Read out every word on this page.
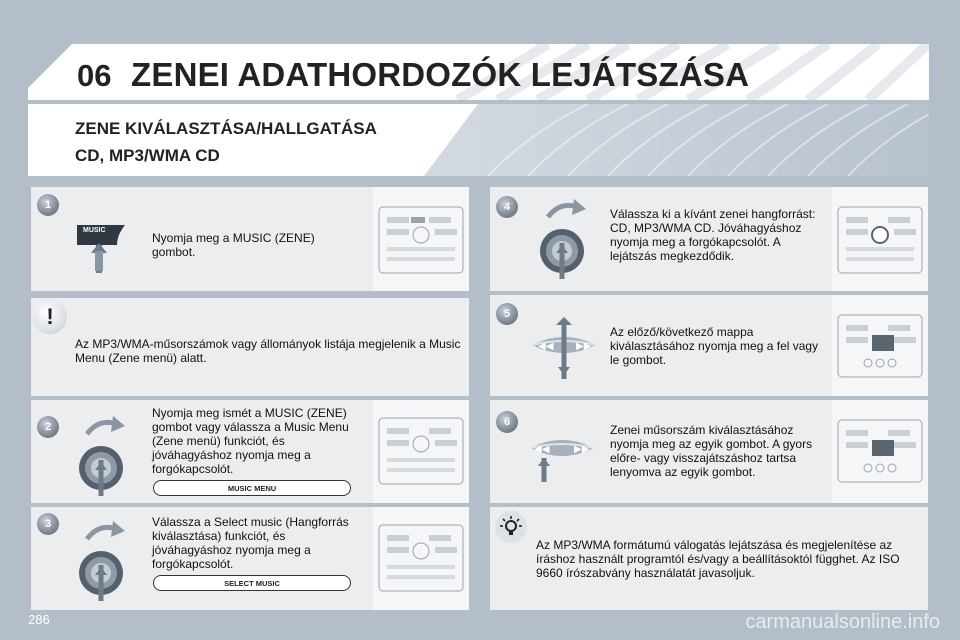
06 ZENEI ADATHORDOZÓK LEJÁTSZÁSA
ZENE KIVÁLASZTÁSA/HALLGATÁSA
CD, MP3/WMA CD
MUSIC
Nyomja meg a MUSIC (ZENE) gombot.
1
Az MP3/WMA-műsorszámok vagy állományok listája megjelenik a Music Menu (Zene menü) alatt.
!
Nyomja meg ismét a MUSIC (ZENE) gombot vagy válassza a Music Menu (Zene menü) funkciót, és jóváhagyáshoz nyomja meg a forgókapcsolót.
MUSIC MENU
2
Válassza a Select music (Hangforrás kiválasztása) funkciót, és jóváhagyáshoz nyomja meg a forgókapcsolót.
SELECT MUSIC
3
Válassza ki a kívánt zenei hangforrást: CD, MP3/WMA CD. Jóváhagyáshoz nyomja meg a forgókapcsolót. A lejátszás megkezdődik.
4
◀◀ ▶▶
Az előző/következő mappa kiválasztásához nyomja meg a fel vagy le gombot.
5
◀◀ ▶▶
Zenei műsorszám kiválasztásához nyomja meg az egyik gombot. A gyors előre- vagy visszajátszáshoz tartsa lenyomva az egyik gombot.
6
Az MP3/WMA formátumú válogatás lejátszása és megjelenítése az íráshoz használt programtól és/vagy a beállításoktól függhet. Az ISO 9660 írószabvány használatát javasoljuk.
286	carmanualsonline.info
